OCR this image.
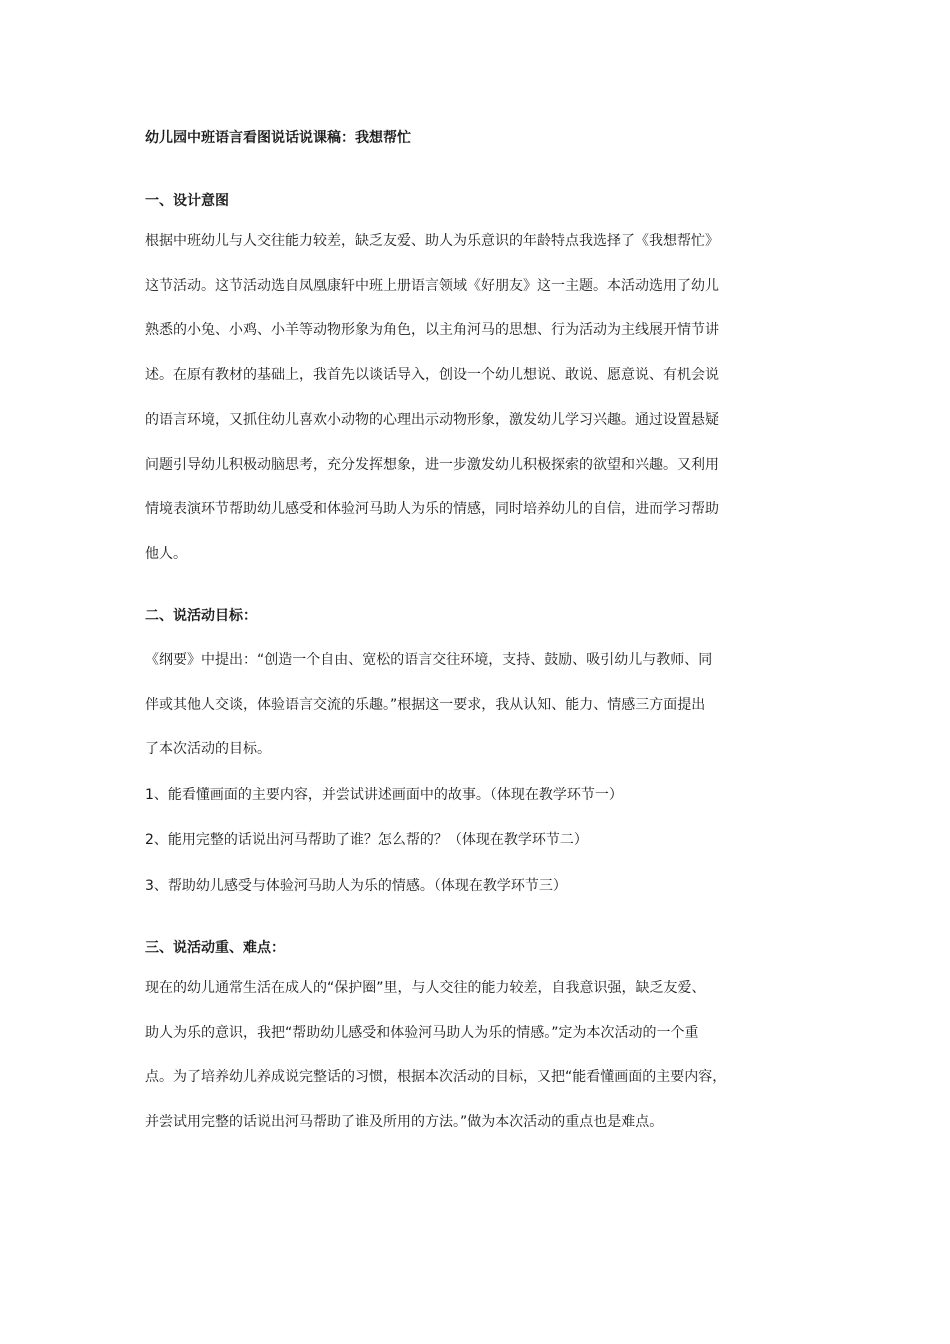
幼儿园中班语言看图说话说课稿：我想帮忙
一、设计意图

根据中班幼儿与人交往能力较差，缺乏友爱、助人为乐意识的年龄特点我选择了《我想帮忙》

这节活动。这节活动选自凤凰康轩中班上册语言领域《好朋友》这一主题。本活动选用了幼儿

熟悉的小兔、小鸡、小羊等动物形象为角色，以主角河马的思想、行为活动为主线展开情节讲

述。在原有教材的基础上，我首先以谈话导入，创设一个幼儿想说、敢说、愿意说、有机会说

的语言环境，又抓住幼儿喜欢小动物的心理出示动物形象，激发幼儿学习兴趣。通过设置悬疑

问题引导幼儿积极动脑思考，充分发挥想象，进一步激发幼儿积极探索的欲望和兴趣。又利用

情境表演环节帮助幼儿感受和体验河马助人为乐的情感，同时培养幼儿的自信，进而学习帮助

他人。

二、说活动目标：

《纲要》中提出：“创造一个自由、宽松的语言交往环境，支持、鼓励、吸引幼儿与教师、同

伴或其他人交谈，体验语言交流的乐趣。”根据这一要求，我从认知、能力、情感三方面提出

了本次活动的目标。

1、能看懂画面的主要内容，并尝试讲述画面中的故事。（体现在教学环节一）
2、能用完整的话说出河马帮助了谁？怎么帮的？（体现在教学环节二）
3、帮助幼儿感受与体验河马助人为乐的情感。（体现在教学环节三）
三、说活动重、难点：

现在的幼儿通常生活在成人的“保护圈”里，与人交往的能力较差，自我意识强，缺乏友爱、

助人为乐的意识，我把“帮助幼儿感受和体验河马助人为乐的情感。”定为本次活动的一个重

点。为了培养幼儿养成说完整话的习惯，根据本次活动的目标，又把“能看懂画面的主要内容，

并尝试用完整的话说出河马帮助了谁及所用的方法。”做为本次活动的重点也是难点。
